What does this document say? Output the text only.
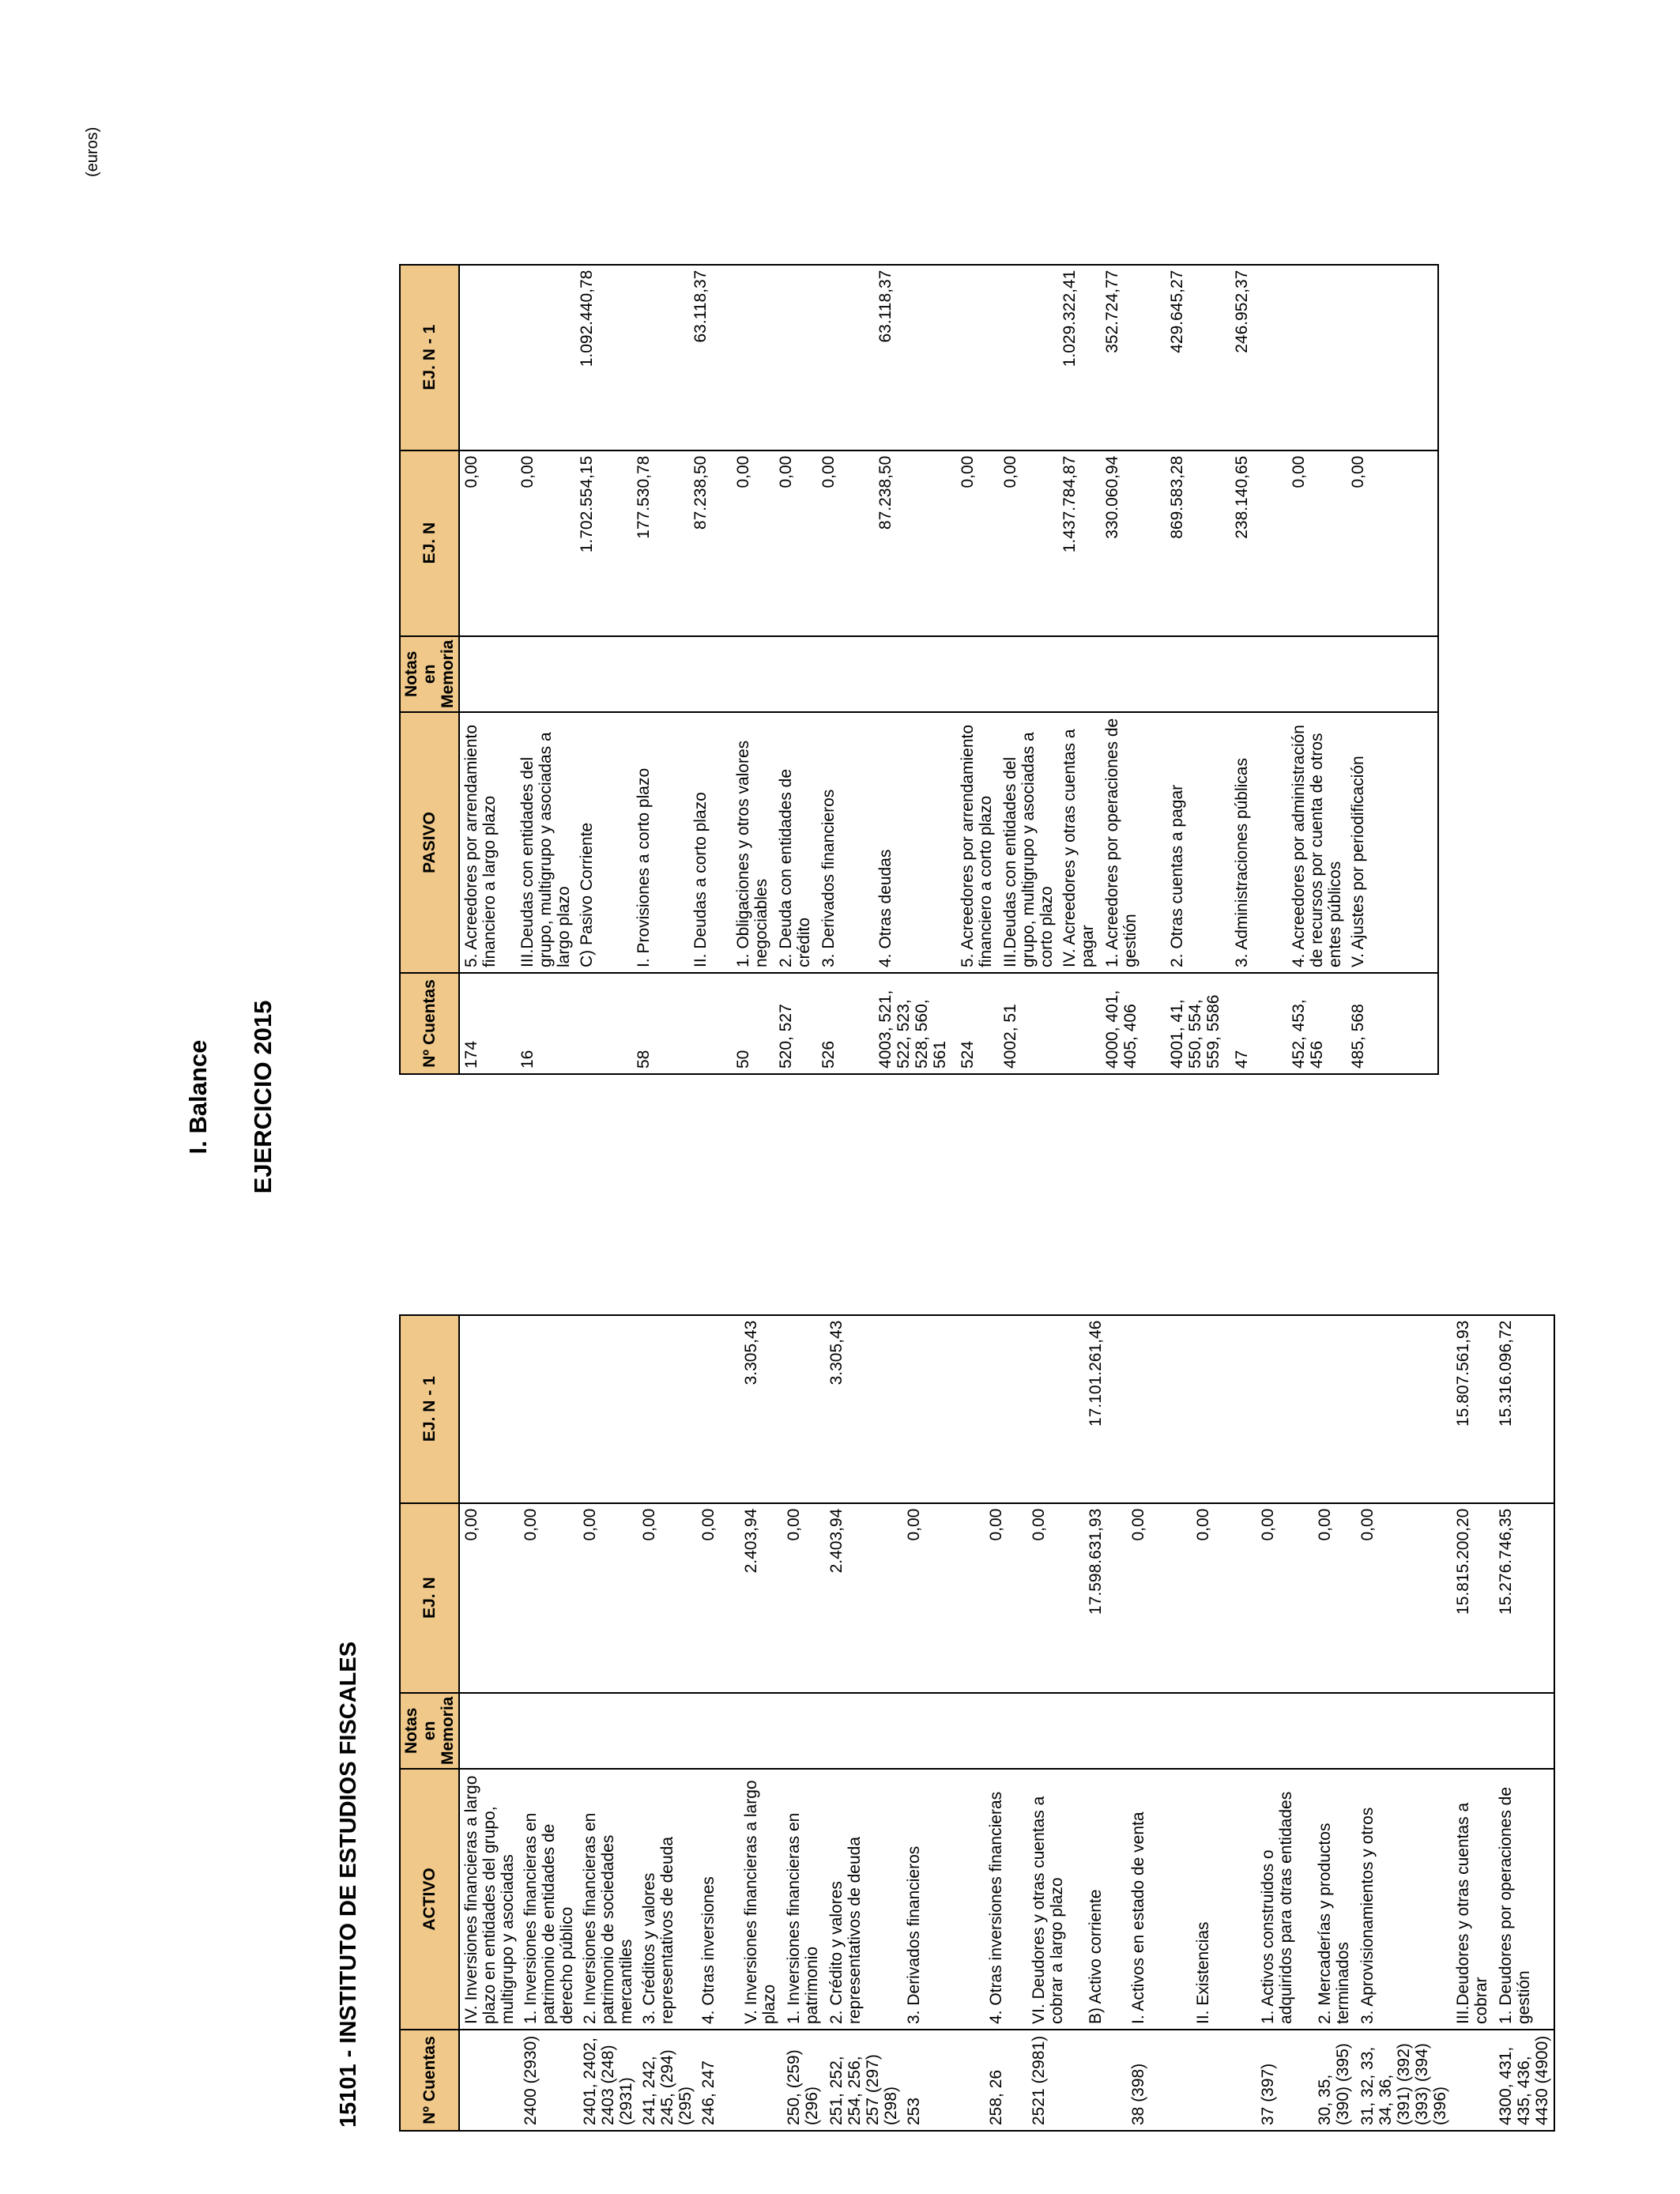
I. Balance EJERCICIO 2015
15101 - INSTITUTO DE ESTUDIOS FISCALES
(euros)
Nº Cuentas	ACTIVO	Notas en Memoria	EJ. N	EJ. N - 1
	IV. Inversiones financieras a largo plazo en entidades del grupo, multigrupo y asociadas		0,00	
2400 (2930)	1. Inversiones financieras en patrimonio de entidades de derecho público		0,00	
2401, 2402, 2403 (248) (2931)	2. Inversiones financieras en patrimonio de sociedades mercantiles		0,00	
241, 242, 245, (294) (295)	3. Créditos y valores representativos de deuda		0,00	
246, 247	4. Otras inversiones		0,00	
	V. Inversiones financieras a largo plazo		2.403,94	3.305,43
250, (259) (296)	1. Inversiones financieras en patrimonio		0,00	
251, 252, 254, 256, 257 (297) (298)	2. Crédito y valores representativos de deuda		2.403,94	3.305,43
253	3. Derivados financieros		0,00	
258, 26	4. Otras inversiones financieras		0,00	
2521 (2981)	VI. Deudores y otras cuentas a cobrar a largo plazo		0,00	
	B) Activo corriente		17.598.631,93	17.101.261,46
38 (398)	I. Activos en estado de venta		0,00	
	II. Existencias		0,00	
37 (397)	1. Activos construidos o adquiridos para otras entidades		0,00	
30, 35, (390) (395)	2. Mercaderías y productos terminados		0,00	
31, 32, 33, 34, 36, (391) (392) (393) (394) (396)	3. Aprovisionamientos y otros		0,00	
	III.Deudores y otras cuentas a cobrar		15.815.200,20	15.807.561,93
4300, 431, 435, 436, 4430 (4900)	1. Deudores por operaciones de gestión		15.276.746,35	15.316.096,72
Nº Cuentas	PASIVO	Notas en Memoria	EJ. N	EJ. N - 1
174	5. Acreedores por arrendamiento financiero a largo plazo		0,00	
16	III.Deudas con entidades del grupo, multigrupo y asociadas a largo plazo		0,00	
	C) Pasivo Corriente		1.702.554,15	1.092.440,78
58	I. Provisiones a corto plazo		177.530,78	
	II. Deudas a corto plazo		87.238,50	63.118,37
50	1. Obligaciones y otros valores negociables		0,00	
520, 527	2. Deuda con entidades de crédito		0,00	
526	3. Derivados financieros		0,00	
4003, 521, 522, 523, 528, 560, 561	4. Otras deudas		87.238,50	63.118,37
524	5. Acreedores por arrendamiento financiero a corto plazo		0,00	
4002, 51	III.Deudas con entidades del grupo, multigrupo y asociadas a corto plazo		0,00	
	IV. Acreedores y otras cuentas a pagar		1.437.784,87	1.029.322,41
4000, 401, 405, 406	1. Acreedores por operaciones de gestión		330.060,94	352.724,77
4001, 41, 550, 554, 559, 5586	2. Otras cuentas a pagar		869.583,28	429.645,27
47	3. Administraciones públicas		238.140,65	246.952,37
452, 453, 456	4. Acreedores por administración de recursos por cuenta de otros entes públicos		0,00	
485, 568	V. Ajustes por periodificación		0,00	
